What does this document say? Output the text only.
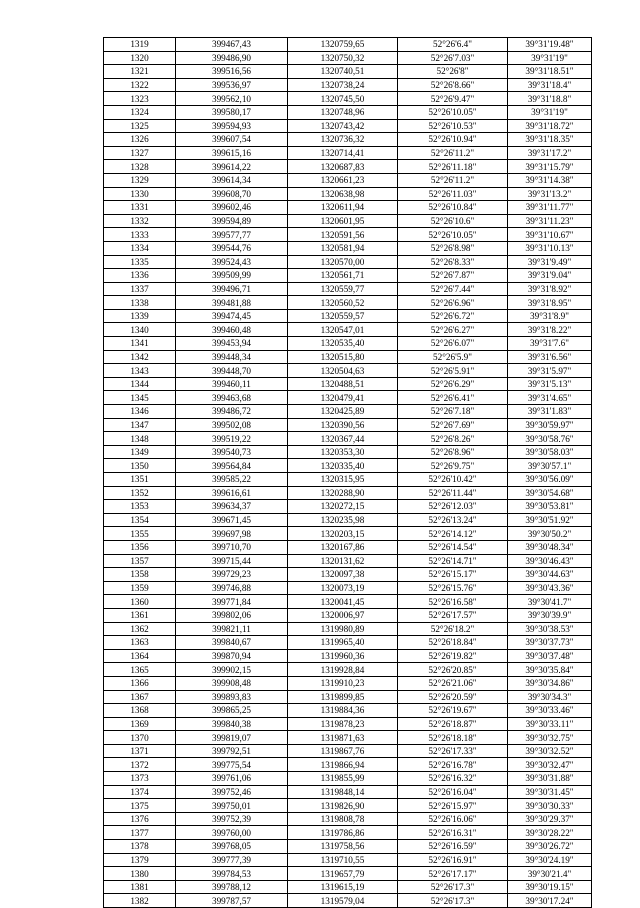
1319	399467,43	1320759,65	52°26'6.4"	39°31'19.48"
1320	399486,90	1320750,32	52°26'7.03"	39°31'19"
1321	399516,56	1320740,51	52°26'8"	39°31'18.51"
1322	399536,97	1320738,24	52°26'8.66"	39°31'18.4"
1323	399562,10	1320745,50	52°26'9.47"	39°31'18.8"
1324	399580,17	1320748,96	52°26'10.05"	39°31'19"
1325	399594,93	1320743,42	52°26'10.53"	39°31'18.72"
1326	399607,54	1320736,32	52°26'10.94"	39°31'18.35"
1327	399615,16	1320714,41	52°26'11.2"	39°31'17.2"
1328	399614,22	1320687,83	52°26'11.18"	39°31'15.79"
1329	399614,34	1320661,23	52°26'11.2"	39°31'14.38"
1330	399608,70	1320638,98	52°26'11.03"	39°31'13.2"
1331	399602,46	1320611,94	52°26'10.84"	39°31'11.77"
1332	399594,89	1320601,95	52°26'10.6"	39°31'11.23"
1333	399577,77	1320591,56	52°26'10.05"	39°31'10.67"
1334	399544,76	1320581,94	52°26'8.98"	39°31'10.13"
1335	399524,43	1320570,00	52°26'8.33"	39°31'9.49"
1336	399509,99	1320561,71	52°26'7.87"	39°31'9.04"
1337	399496,71	1320559,77	52°26'7.44"	39°31'8.92"
1338	399481,88	1320560,52	52°26'6.96"	39°31'8.95"
1339	399474,45	1320559,57	52°26'6.72"	39°31'8.9"
1340	399460,48	1320547,01	52°26'6.27"	39°31'8.22"
1341	399453,94	1320535,40	52°26'6.07"	39°31'7.6"
1342	399448,34	1320515,80	52°26'5.9"	39°31'6.56"
1343	399448,70	1320504,63	52°26'5.91"	39°31'5.97"
1344	399460,11	1320488,51	52°26'6.29"	39°31'5.13"
1345	399463,68	1320479,41	52°26'6.41"	39°31'4.65"
1346	399486,72	1320425,89	52°26'7.18"	39°31'1.83"
1347	399502,08	1320390,56	52°26'7.69"	39°30'59.97"
1348	399519,22	1320367,44	52°26'8.26"	39°30'58.76"
1349	399540,73	1320353,30	52°26'8.96"	39°30'58.03"
1350	399564,84	1320335,40	52°26'9.75"	39°30'57.1"
1351	399585,22	1320315,95	52°26'10.42"	39°30'56.09"
1352	399616,61	1320288,90	52°26'11.44"	39°30'54.68"
1353	399634,37	1320272,15	52°26'12.03"	39°30'53.81"
1354	399671,45	1320235,98	52°26'13.24"	39°30'51.92"
1355	399697,98	1320203,15	52°26'14.12"	39°30'50.2"
1356	399710,70	1320167,86	52°26'14.54"	39°30'48.34"
1357	399715,44	1320131,62	52°26'14.71"	39°30'46.43"
1358	399729,23	1320097,38	52°26'15.17"	39°30'44.63"
1359	399746,88	1320073,19	52°26'15.76"	39°30'43.36"
1360	399771,84	1320041,45	52°26'16.58"	39°30'41.7"
1361	399802,06	1320006,97	52°26'17.57"	39°30'39.9"
1362	399821,11	1319980,89	52°26'18.2"	39°30'38.53"
1363	399840,67	1319965,40	52°26'18.84"	39°30'37.73"
1364	399870,94	1319960,36	52°26'19.82"	39°30'37.48"
1365	399902,15	1319928,84	52°26'20.85"	39°30'35.84"
1366	399908,48	1319910,23	52°26'21.06"	39°30'34.86"
1367	399893,83	1319899,85	52°26'20.59"	39°30'34.3"
1368	399865,25	1319884,36	52°26'19.67"	39°30'33.46"
1369	399840,38	1319878,23	52°26'18.87"	39°30'33.11"
1370	399819,07	1319871,63	52°26'18.18"	39°30'32.75"
1371	399792,51	1319867,76	52°26'17.33"	39°30'32.52"
1372	399775,54	1319866,94	52°26'16.78"	39°30'32.47"
1373	399761,06	1319855,99	52°26'16.32"	39°30'31.88"
1374	399752,46	1319848,14	52°26'16.04"	39°30'31.45"
1375	399750,01	1319826,90	52°26'15.97"	39°30'30.33"
1376	399752,39	1319808,78	52°26'16.06"	39°30'29.37"
1377	399760,00	1319786,86	52°26'16.31"	39°30'28.22"
1378	399768,05	1319758,56	52°26'16.59"	39°30'26.72"
1379	399777,39	1319710,55	52°26'16.91"	39°30'24.19"
1380	399784,53	1319657,79	52°26'17.17"	39°30'21.4"
1381	399788,12	1319615,19	52°26'17.3"	39°30'19.15"
1382	399787,57	1319579,04	52°26'17.3"	39°30'17.24"
